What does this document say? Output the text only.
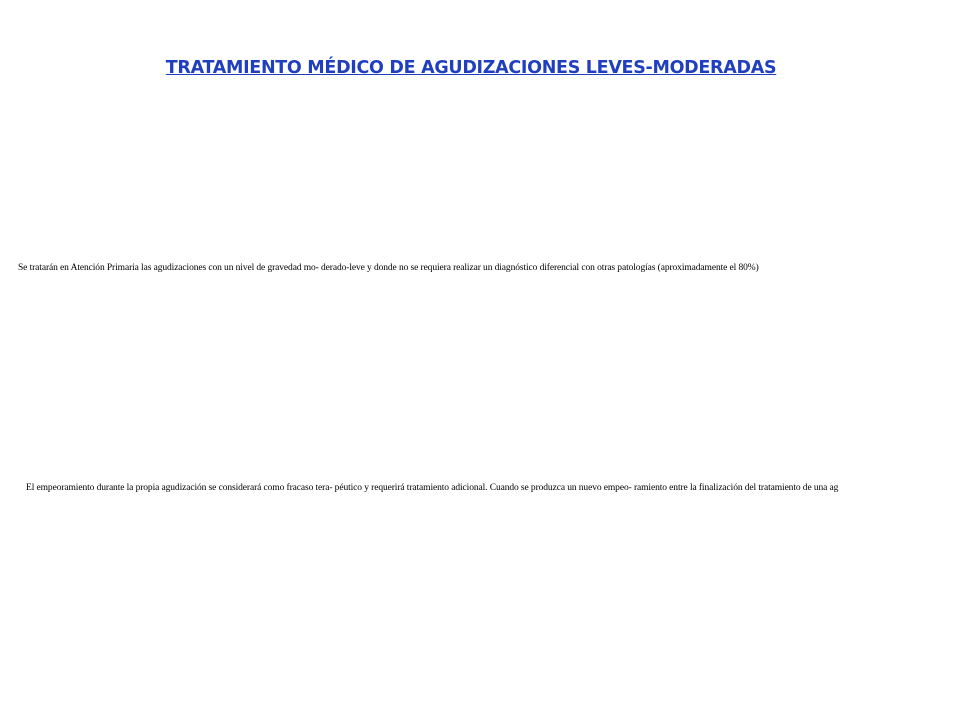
TRATAMIENTO MÉDICO DE AGUDIZACIONES LEVES-MODERADAS
Se tratarán en Atención Primaria las agudizaciones con un nivel de gravedad mo- derado-leve y donde no se requiera realizar un diagnóstico diferencial con otras patologías (aproximadamente el 80%)
El empeoramiento durante la propia agudización se considerará como fracaso tera- péutico y requerirá tratamiento adicional. Cuando se produzca un nuevo empeo- ramiento entre la finalización del tratamiento de una ag
